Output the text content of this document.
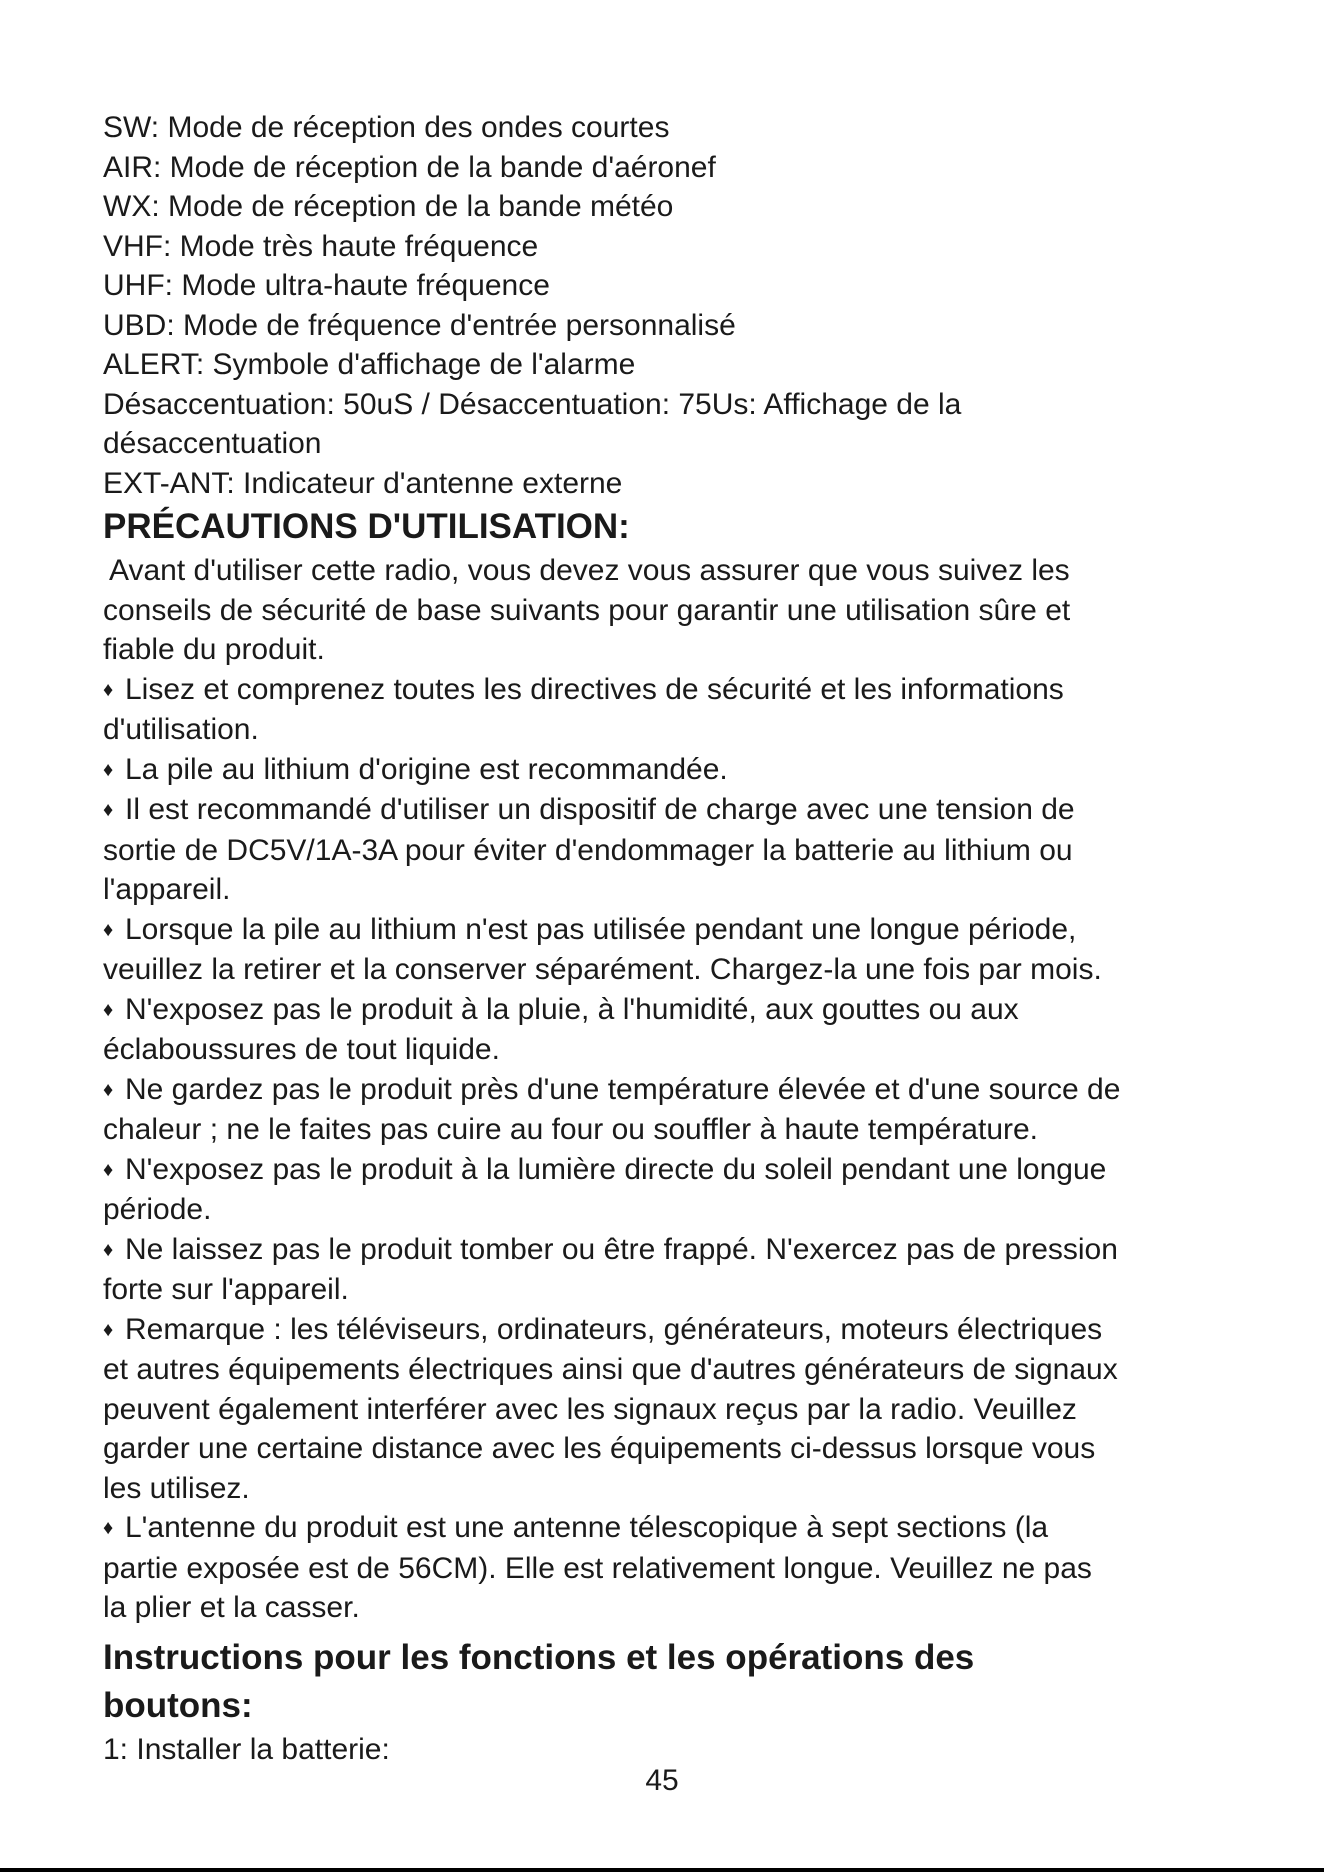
SW: Mode de réception des ondes courtes

AIR: Mode de réception de la bande d'aéronef

WX: Mode de réception de la bande météo

VHF: Mode très haute fréquence

UHF: Mode ultra-haute fréquence

UBD: Mode de fréquence d'entrée personnalisé

ALERT: Symbole d'affichage de l'alarme

Désaccentuation: 50uS / Désaccentuation: 75Us: Affichage de la

désaccentuation

EXT-ANT: Indicateur d'antenne externe

PRÉCAUTIONS D'UTILISATION:
Avant d'utiliser cette radio, vous devez vous assurer que vous suivez les
conseils de sécurité de base suivants pour garantir une utilisation sûre et
fiable du produit.
♦ Lisez et comprenez toutes les directives de sécurité et les informations
d'utilisation.
♦ La pile au lithium d'origine est recommandée.
♦ Il est recommandé d'utiliser un dispositif de charge avec une tension de
sortie de DC5V/1A-3A pour éviter d'endommager la batterie au lithium ou
l'appareil.
♦ Lorsque la pile au lithium n'est pas utilisée pendant une longue période,
veuillez la retirer et la conserver séparément. Chargez-la une fois par mois.
♦ N'exposez pas le produit à la pluie, à l'humidité, aux gouttes ou aux
éclaboussures de tout liquide.
♦ Ne gardez pas le produit près d'une température élevée et d'une source de
chaleur ; ne le faites pas cuire au four ou souffler à haute température.
♦ N'exposez pas le produit à la lumière directe du soleil pendant une longue
période.
♦ Ne laissez pas le produit tomber ou être frappé. N'exercez pas de pression
forte sur l'appareil.
♦ Remarque : les téléviseurs, ordinateurs, générateurs, moteurs électriques
et autres équipements électriques ainsi que d'autres générateurs de signaux
peuvent également interférer avec les signaux reçus par la radio. Veuillez
garder une certaine distance avec les équipements ci-dessus lorsque vous
les utilisez.
♦ L'antenne du produit est une antenne télescopique à sept sections (la
partie exposée est de 56CM). Elle est relativement longue. Veuillez ne pas
la plier et la casser.
Instructions pour les fonctions et les opérations des
boutons:

1: Installer la batterie:

45
